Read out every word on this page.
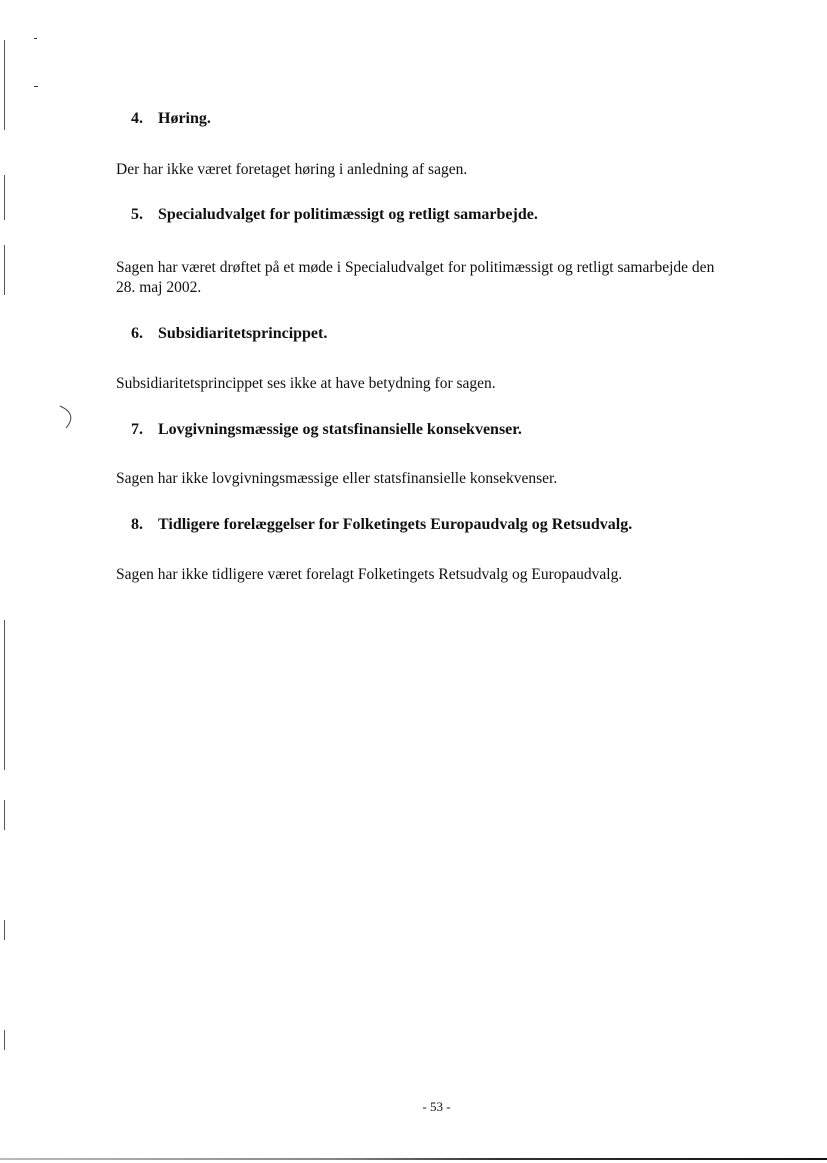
4. Høring.

Der har ikke været foretaget høring i anledning af sagen.

5. Specialudvalget for politimæssigt og retligt samarbejde.

Sagen har været drøftet på et møde i Specialudvalget for politimæssigt og retligt samarbejde den
28. maj 2002.

6. Subsidiaritetsprincippet.

Subsidiaritetsprincippet ses ikke at have betydning for sagen.

7. Lovgivningsmæssige og statsfinansielle konsekvenser.

Sagen har ikke lovgivningsmæssige eller statsfinansielle konsekvenser.

8. Tidligere forelæggelser for Folketingets Europaudvalg og Retsudvalg.

Sagen har ikke tidligere været forelagt Folketingets Retsudvalg og Europaudvalg.

- 53 -
